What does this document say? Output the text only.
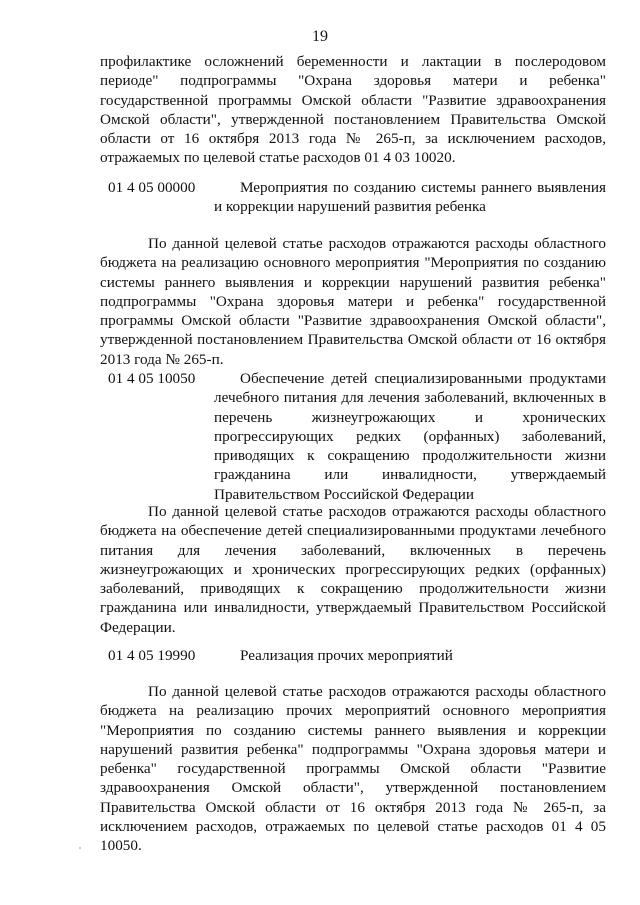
19
профилактике осложнений беременности и лактации в послеродовом периоде" подпрограммы "Охрана здоровья матери и ребенка" государственной программы Омской области "Развитие здравоохранения Омской области", утвержденной постановлением Правительства Омской области от 16 октября 2013 года № 265-п, за исключением расходов, отражаемых по целевой статье расходов 01 4 03 10020.
01 4 05 00000	Мероприятия по созданию системы раннего выявления и коррекции нарушений развития ребенка
По данной целевой статье расходов отражаются расходы областного бюджета на реализацию основного мероприятия "Мероприятия по созданию системы раннего выявления и коррекции нарушений развития ребенка" подпрограммы "Охрана здоровья матери и ребенка" государственной программы Омской области "Развитие здравоохранения Омской области", утвержденной постановлением Правительства Омской области от 16 октября 2013 года № 265-п.
01 4 05 10050	Обеспечение детей специализированными продуктами лечебного питания для лечения заболеваний, включенных в перечень жизнеугрожающих и хронических прогрессирующих редких (орфанных) заболеваний, приводящих к сокращению продолжительности жизни гражданина или инвалидности, утверждаемый Правительством Российской Федерации
По данной целевой статье расходов отражаются расходы областного бюджета на обеспечение детей специализированными продуктами лечебного питания для лечения заболеваний, включенных в перечень жизнеугрожающих и хронических прогрессирующих редких (орфанных) заболеваний, приводящих к сокращению продолжительности жизни гражданина или инвалидности, утверждаемый Правительством Российской Федерации.
01 4 05 19990	Реализация прочих мероприятий
По данной целевой статье расходов отражаются расходы областного бюджета на реализацию прочих мероприятий основного мероприятия "Мероприятия по созданию системы раннего выявления и коррекции нарушений развития ребенка" подпрограммы "Охрана здоровья матери и ребенка" государственной программы Омской области "Развитие здравоохранения Омской области", утвержденной постановлением Правительства Омской области от 16 октября 2013 года № 265-п, за исключением расходов, отражаемых по целевой статье расходов 01 4 05 10050.
